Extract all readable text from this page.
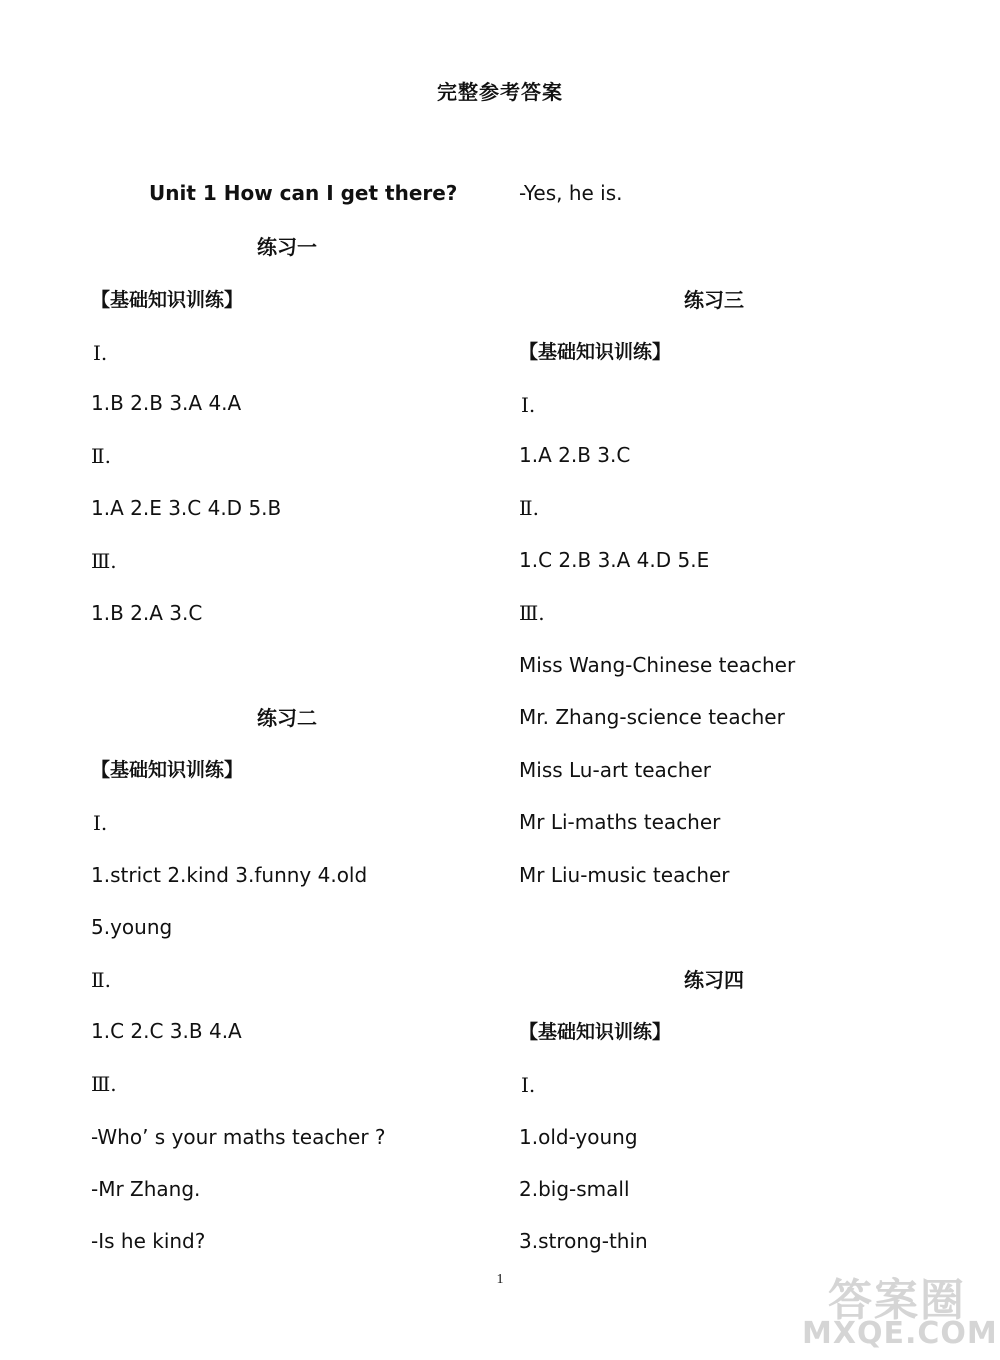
完整参考答案
Unit 1 How can I get there?
练习一
【基础知识训练】
Ⅰ.
1.B 2.B 3.A 4.A
Ⅱ.
1.A 2.E 3.C 4.D 5.B
Ⅲ.
1.B 2.A 3.C
练习二
【基础知识训练】
Ⅰ.
1.strict 2.kind 3.funny 4.old
5.young
Ⅱ.
1.C 2.C 3.B 4.A
Ⅲ.
-Who’ s your maths teacher ?
-Mr Zhang.
-Is he kind?
-Yes, he is.
练习三
【基础知识训练】
Ⅰ.
1.A 2.B 3.C
Ⅱ.
1.C 2.B 3.A 4.D 5.E
Ⅲ.
Miss Wang-Chinese teacher
Mr. Zhang-science teacher
Miss Lu-art teacher
Mr Li-maths teacher
Mr Liu-music teacher
练习四
【基础知识训练】
Ⅰ.
1.old-young
2.big-small
3.strong-thin
1	答案圈
MXQE.COM
